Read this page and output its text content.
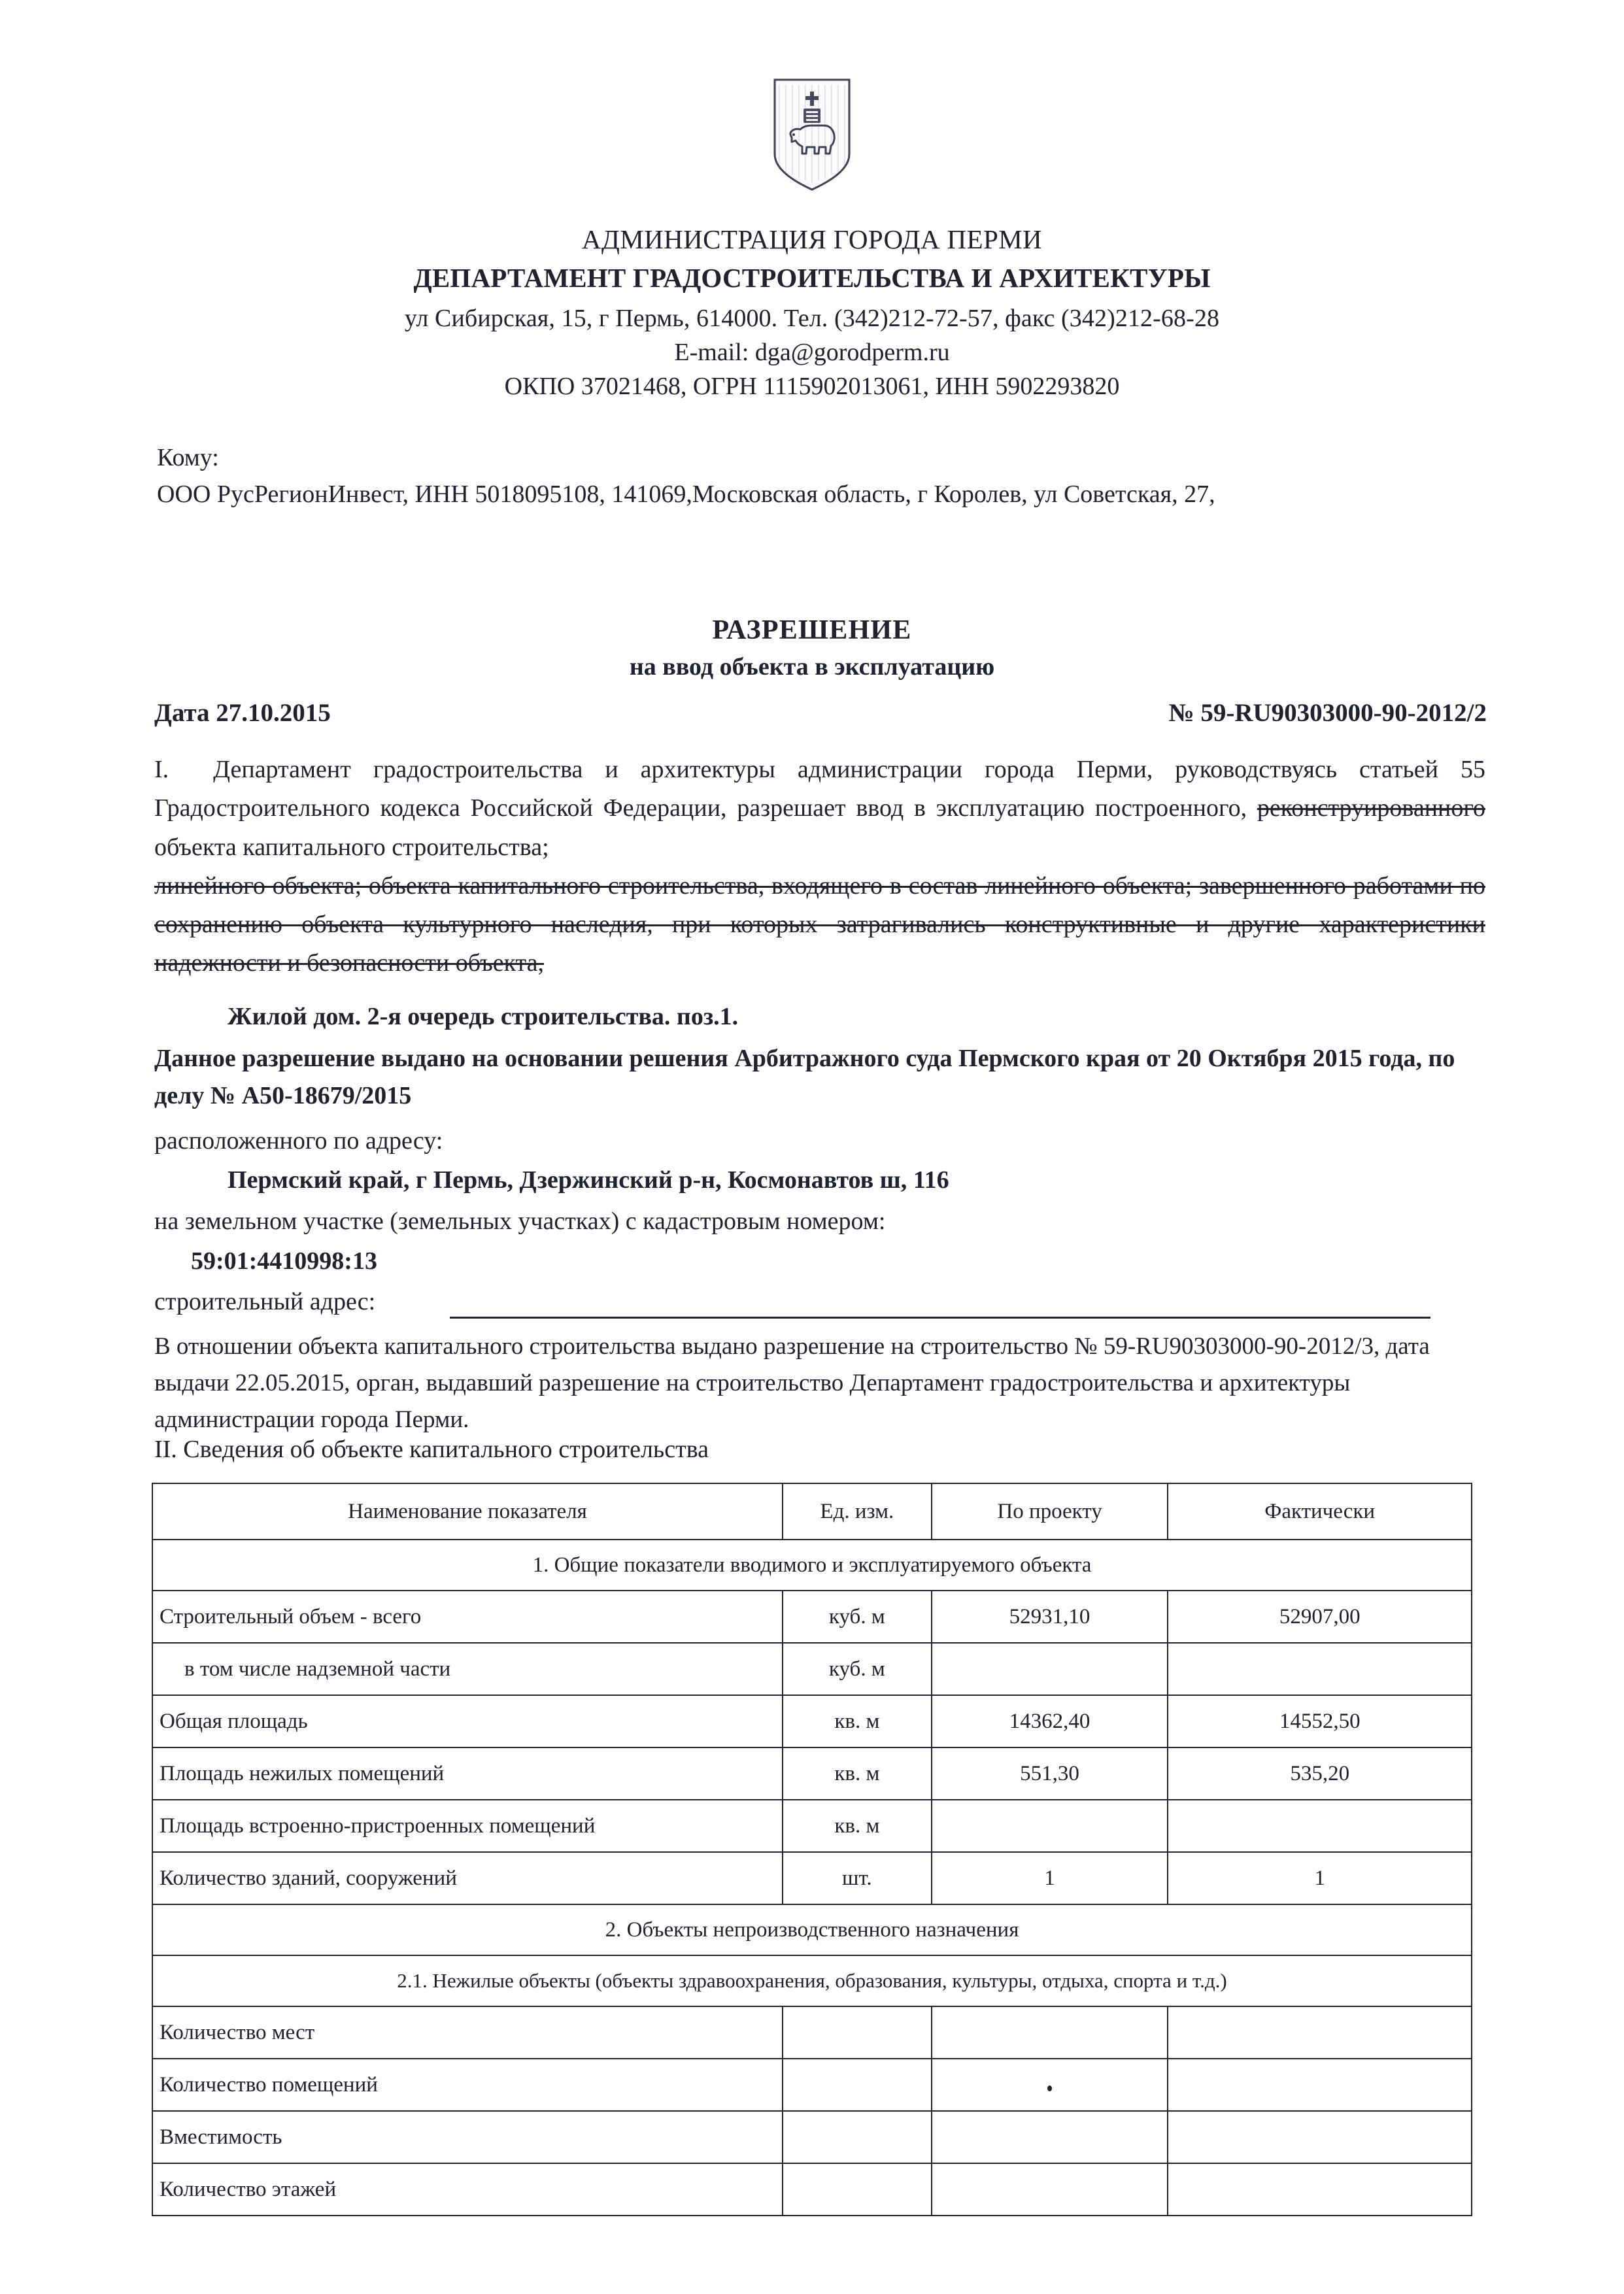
АДМИНИСТРАЦИЯ ГОРОДА ПЕРМИ
ДЕПАРТАМЕНТ ГРАДОСТРОИТЕЛЬСТВА И АРХИТЕКТУРЫ
ул Сибирская, 15, г Пермь, 614000. Тел. (342)212-72-57, факс (342)212-68-28
E-mail: dga@gorodperm.ru
ОКПО 37021468, ОГРН 1115902013061, ИНН 5902293820
Кому:
ООО РусРегионИнвест, ИНН 5018095108, 141069,Московская область, г Королев, ул Советская, 27,
РАЗРЕШЕНИЕ
на ввод объекта в эксплуатацию
Дата 27.10.2015	№ 59-RU90303000-90-2012/2
I.  Департамент градостроительства и архитектуры администрации города Перми, руководствуясь статьей 55 Градостроительного кодекса Российской Федерации, разрешает ввод в эксплуатацию построенного, реконструированного объекта капитального строительства;
линейного объекта; объекта капитального строительства, входящего в состав линейного объекта; завершенного работами по сохранению объекта культурного наследия, при которых затрагивались конструктивные и другие характеристики надежности и безопасности объекта,
Жилой дом. 2-я очередь строительства. поз.1.
Данное разрешение выдано на основании решения Арбитражного суда Пермского края от 20 Октября 2015 года, по делу № А50-18679/2015
расположенного по адресу:
Пермский край, г Пермь, Дзержинский р-н, Космонавтов ш, 116
на земельном участке (земельных участках) с кадастровым номером:
59:01:4410998:13
строительный адрес:
В отношении объекта капитального строительства выдано разрешение на строительство № 59-RU90303000-90-2012/3, дата выдачи 22.05.2015, орган, выдавший разрешение на строительство Департамент градостроительства и архитектуры администрации города Перми.
II. Сведения об объекте капитального строительства
Наименование показателя	Ед. изм.	По проекту	Фактически
1. Общие показатели вводимого и эксплуатируемого объекта			
Строительный объем - всего	куб. м	52931,10	52907,00
в том числе надземной части	куб. м		
Общая площадь	кв. м	14362,40	14552,50
Площадь нежилых помещений	кв. м	551,30	535,20
Площадь встроенно-пристроенных помещений	кв. м		
Количество зданий, сооружений	шт.	1	1
2. Объекты непроизводственного назначения			
2.1. Нежилые объекты (объекты здравоохранения, образования, культуры, отдыха, спорта и т.д.)			
Количество мест			
Количество помещений			
Вместимость			
Количество этажей			
